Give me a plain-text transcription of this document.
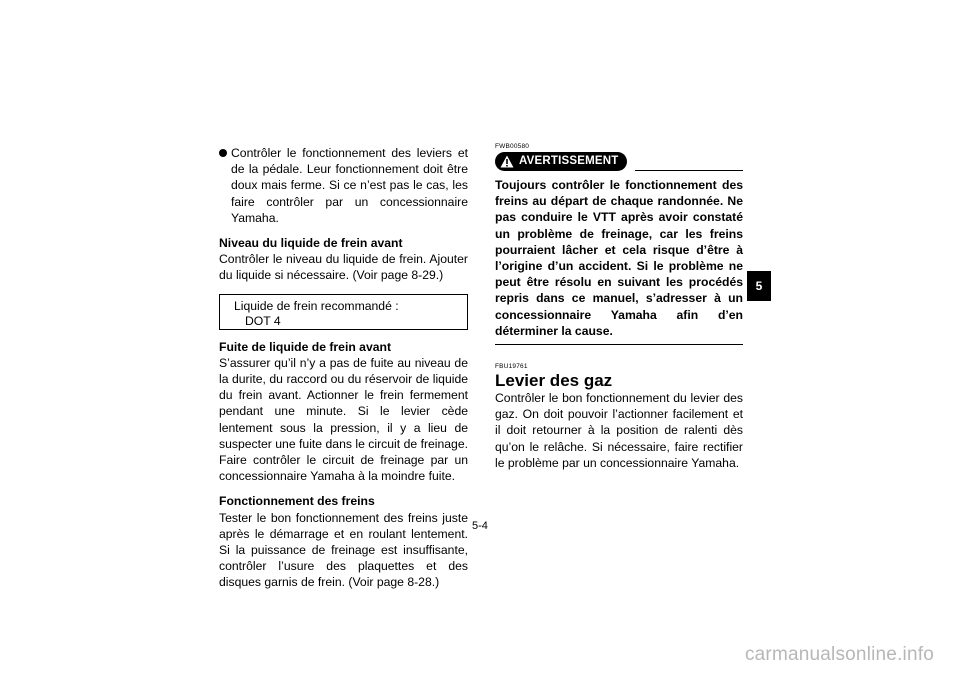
Contrôler le fonctionnement des leviers et de la pédale. Leur fonctionnement doit être doux mais ferme. Si ce n’est pas le cas, les faire contrôler par un concessionnaire Yamaha.

Niveau du liquide de frein avant

Contrôler le niveau du liquide de frein. Ajouter du liquide si nécessaire. (Voir page 8-29.)

Liquide de frein recommandé :
DOT 4

Fuite de liquide de frein avant

S’assurer qu’il n’y a pas de fuite au niveau de la durite, du raccord ou du réservoir de liquide du frein avant. Actionner le frein fermement pendant une minute. Si le levier cède lentement sous la pression, il y a lieu de suspecter une fuite dans le circuit de freinage. Faire contrôler le circuit de freinage par un concessionnaire Yamaha à la moindre fuite.

Fonctionnement des freins

Tester le bon fonctionnement des freins juste après le démarrage et en roulant lentement. Si la puissance de freinage est insuffisante, contrôler l’usure des plaquettes et des disques garnis de frein. (Voir page 8-28.)

FWB00580
AVERTISSEMENT

Toujours contrôler le fonctionnement des freins au départ de chaque randonnée. Ne pas conduire le VTT après avoir constaté un problème de freinage, car les freins pourraient lâcher et cela risque d’être à l’origine d’un accident. Si le problème ne peut être résolu en suivant les procédés repris dans ce manuel, s’adresser à un concessionnaire Yamaha afin d’en déterminer la cause.

FBU19761
Levier des gaz

Contrôler le bon fonctionnement du levier des gaz. On doit pouvoir l’actionner facilement et il doit retourner à la position de ralenti dès qu’on le relâche. Si nécessaire, faire rectifier le problème par un concessionnaire Yamaha.

5
5-4
carmanualsonline.info
